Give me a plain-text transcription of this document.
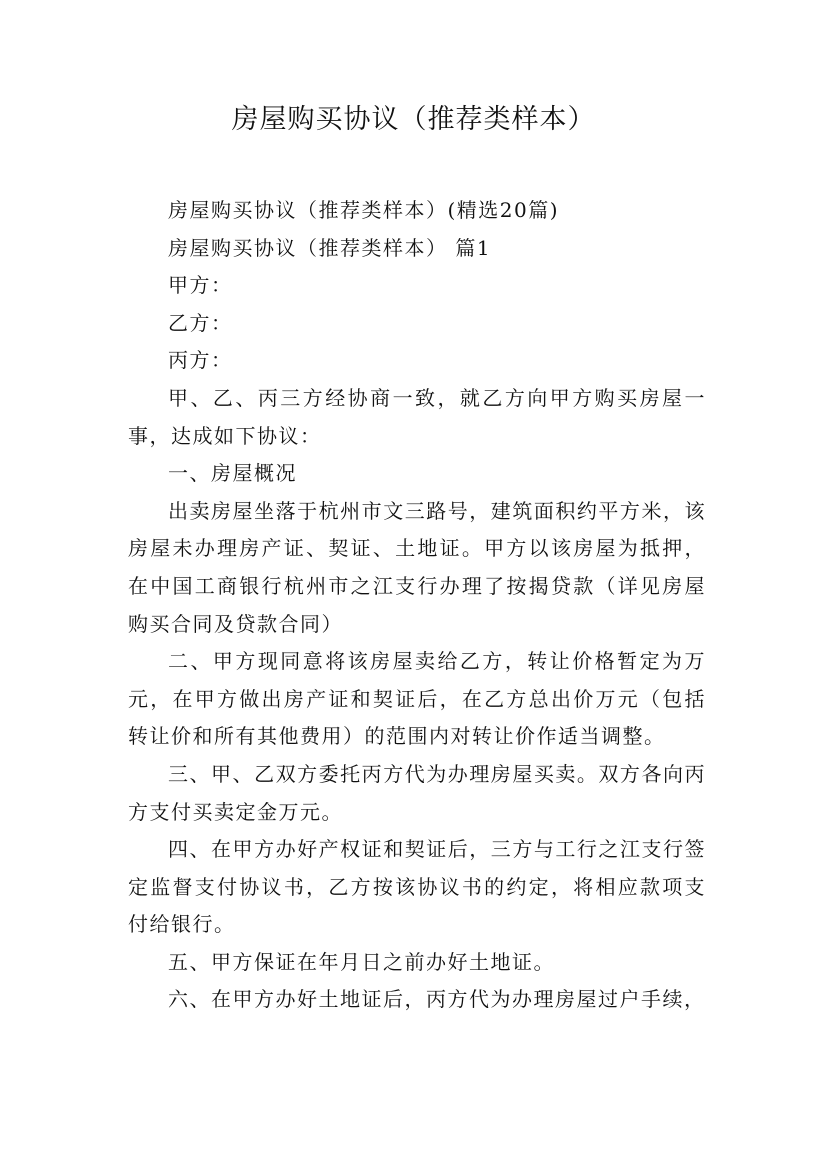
房屋购买协议（推荐类样本）

房屋购买协议（推荐类样本）(精选20篇)

房屋购买协议（推荐类样本） 篇1

甲方：

乙方：

丙方：

甲、乙、丙三方经协商一致，就乙方向甲方购买房屋一事，达成如下协议：

一、房屋概况

出卖房屋坐落于杭州市文三路号，建筑面积约平方米，该房屋未办理房产证、契证、土地证。甲方以该房屋为抵押，在中国工商银行杭州市之江支行办理了按揭贷款（详见房屋购买合同及贷款合同）

二、甲方现同意将该房屋卖给乙方，转让价格暂定为万元，在甲方做出房产证和契证后，在乙方总出价万元（包括转让价和所有其他费用）的范围内对转让价作适当调整。

三、甲、乙双方委托丙方代为办理房屋买卖。双方各向丙方支付买卖定金万元。

四、在甲方办好产权证和契证后，三方与工行之江支行签定监督支付协议书，乙方按该协议书的约定，将相应款项支付给银行。

五、甲方保证在年月日之前办好土地证。

六、在甲方办好土地证后，丙方代为办理房屋过户手续，
